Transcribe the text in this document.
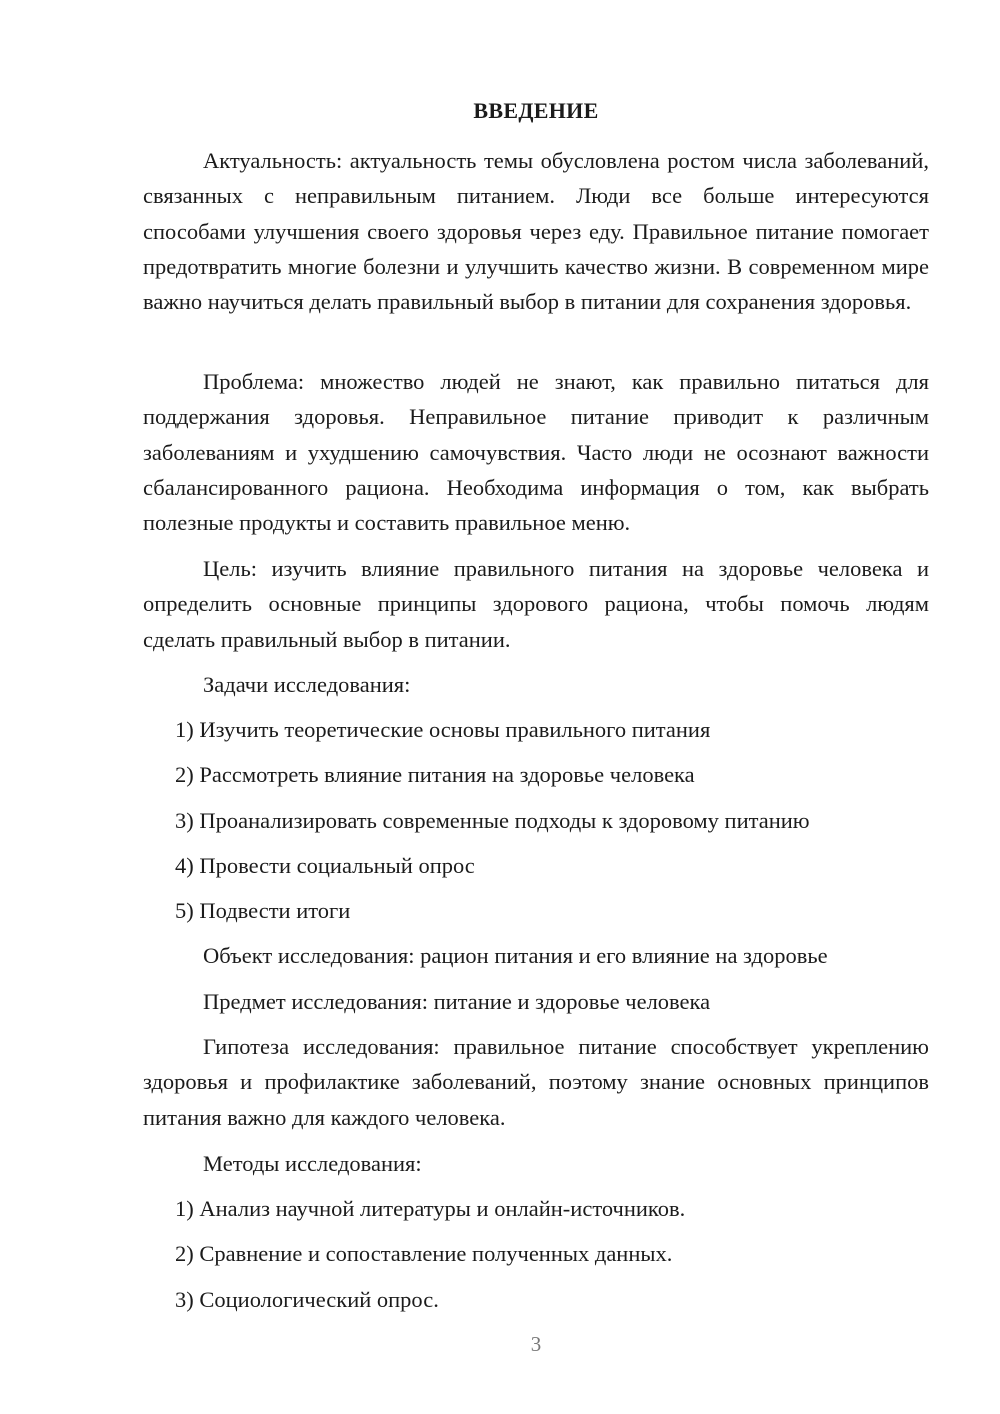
ВВЕДЕНИЕ

Актуальность: актуальность темы обусловлена ростом числа заболеваний, связанных с неправильным питанием. Люди все больше интересуются способами улучшения своего здоровья через еду. Правильное питание помогает предотвратить многие болезни и улучшить качество жизни. В современном мире важно научиться делать правильный выбор в питании для сохранения здоровья.

Проблема: множество людей не знают, как правильно питаться для поддержания здоровья. Неправильное питание приводит к различным заболеваниям и ухудшению самочувствия. Часто люди не осознают важности сбалансированного рациона. Необходима информация о том, как выбрать полезные продукты и составить правильное меню.

Цель: изучить влияние правильного питания на здоровье человека и определить основные принципы здорового рациона, чтобы помочь людям сделать правильный выбор в питании.

Задачи исследования:
1) Изучить теоретические основы правильного питания
2) Рассмотреть влияние питания на здоровье человека
3) Проанализировать современные подходы к здоровому питанию
4) Провести социальный опрос
5) Подвести итоги
Объект исследования: рацион питания и его влияние на здоровье
Предмет исследования: питание и здоровье человека

Гипотеза исследования: правильное питание способствует укреплению здоровья и профилактике заболеваний, поэтому знание основных принципов питания важно для каждого человека.

Методы исследования:
1) Анализ научной литературы и онлайн-источников.
2) Сравнение и сопоставление полученных данных.
3) Социологический опрос.
3
